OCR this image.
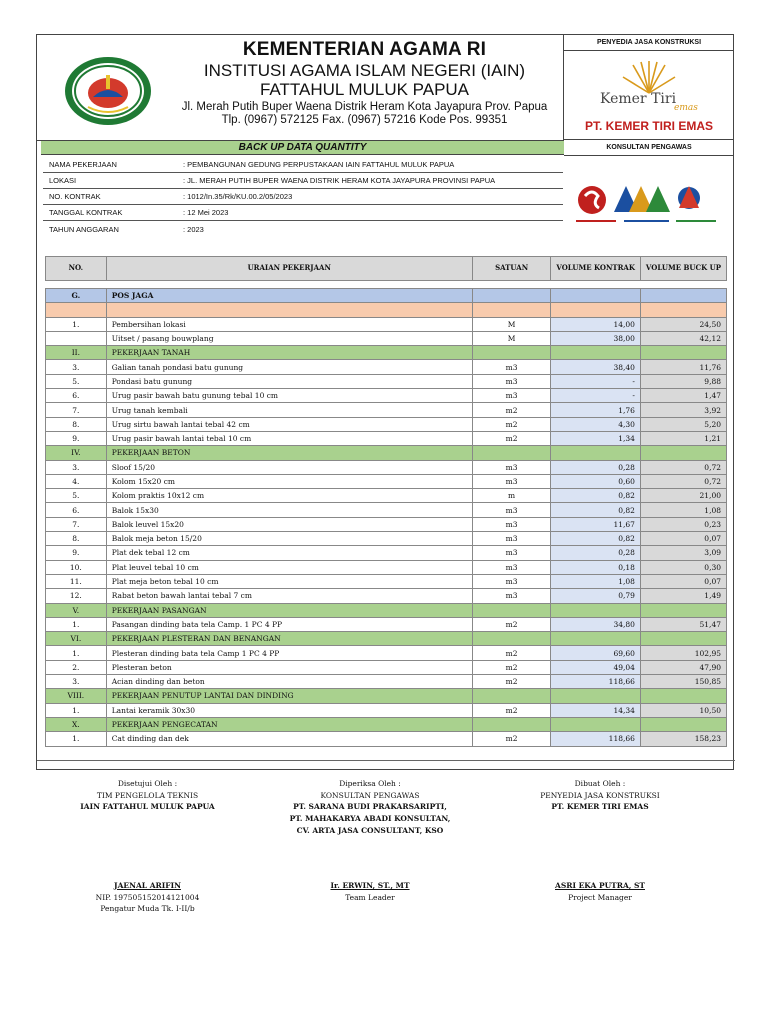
KEMENTERIAN AGAMA RI
INSTITUSI AGAMA ISLAM NEGERI (IAIN)
FATTAHUL MULUK PAPUA
Jl. Merah Putih Buper Waena Distrik Heram Kota Jayapura Prov. Papua
Tlp. (0967) 572125 Fax. (0967) 57216 Kode Pos. 99351
PENYEDIA JASA KONSTRUKSI
Kemer Tiri
emas
PT. KEMER TIRI EMAS
KONSULTAN PENGAWAS
BACK UP DATA QUANTITY
NAMA PEKERJAAN	: PEMBANGUNAN GEDUNG PERPUSTAKAAN IAIN FATTAHUL MULUK PAPUA
LOKASI	: JL. MERAH PUTIH BUPER WAENA DISTRIK HERAM KOTA JAYAPURA PROVINSI PAPUA
NO. KONTRAK	: 1012/In.35/Rk/KU.00.2/05/2023
TANGGAL KONTRAK	: 12 Mei 2023
TAHUN ANGGARAN	: 2023
NO.	URAIAN PEKERJAAN	SATUAN	VOLUME KONTRAK	VOLUME BUCK UP

G.	POS JAGA			

1.	Pembersihan lokasi	M	14,00	24,50
	Uitset / pasang bouwplang	M	38,00	42,12
II.	PEKERJAAN TANAH			
3.	Galian tanah pondasi batu gunung	m3	38,40	11,76
5.	Pondasi batu gunung	m3	-	9,88
6.	Urug pasir bawah batu gunung tebal 10 cm	m3	-	1,47
7.	Urug tanah kembali	m2	1,76	3,92
8.	Urug sirtu bawah lantai tebal 42 cm	m2	4,30	5,20
9.	Urug pasir bawah lantai tebal 10 cm	m2	1,34	1,21
IV.	PEKERJAAN BETON			
3.	Sloof 15/20	m3	0,28	0,72
4.	Kolom 15x20 cm	m3	0,60	0,72
5.	Kolom praktis 10x12 cm	m	0,82	21,00
6.	Balok 15x30	m3	0,82	1,08
7.	Balok leuvel 15x20	m3	11,67	0,23
8.	Balok meja beton 15/20	m3	0,82	0,07
9.	Plat dek tebal 12 cm	m3	0,28	3,09
10.	Plat leuvel tebal 10 cm	m3	0,18	0,30
11.	Plat meja beton tebal 10 cm	m3	1,08	0,07
12.	Rabat beton bawah lantai tebal 7 cm	m3	0,79	1,49
V.	PEKERJAAN PASANGAN			
1.	Pasangan dinding bata tela Camp. 1 PC 4 PP	m2	34,80	51,47
VI.	PEKERJAAN PLESTERAN DAN BENANGAN			
1.	Plesteran dinding bata tela Camp 1 PC 4 PP	m2	69,60	102,95
2.	Plesteran beton	m2	49,04	47,90
3.	Acian dinding dan beton	m2	118,66	150,85
VIII.	PEKERJAAN PENUTUP LANTAI DAN DINDING			
1.	Lantai keramik 30x30	m2	14,34	10,50
X.	PEKERJAAN PENGECATAN			
1.	Cat dinding dan dek	m2	118,66	158,23
Disetujui Oleh :
TIM PENGELOLA TEKNIS
IAIN FATTAHUL MULUK PAPUA
JAENAL ARIFIN
NIP. 197505152014121004
Pengatur Muda Tk. I-II/b
Diperiksa Oleh :
KONSULTAN PENGAWAS
PT. SARANA BUDI PRAKARSARIPTI,
PT. MAHAKARYA ABADI KONSULTAN,
CV. ARTA JASA CONSULTANT, KSO
Ir. ERWIN, ST., MT
Team Leader
Dibuat Oleh :
PENYEDIA JASA KONSTRUKSI
PT. KEMER TIRI EMAS
ASRI EKA PUTRA, ST
Project Manager
